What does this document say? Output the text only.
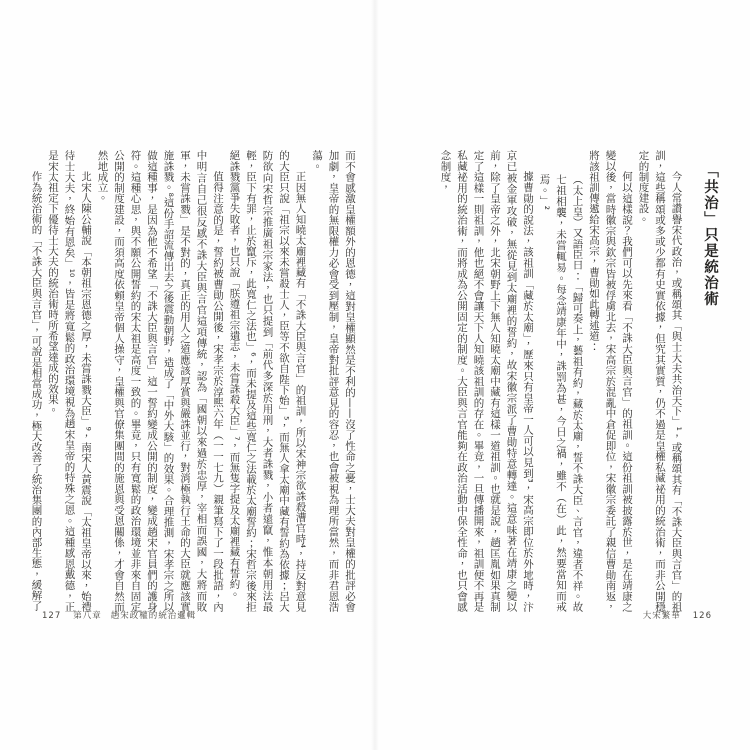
「共治」只是統治術

今人常讚譽宋代政治，或稱頌其「與士大夫共治天下」¹，或稱頌其有「不誅大臣與言官」的祖訓，這些稱頌或多或少都有史實依據，但究其實質，仍不過是皇權私藏祕用的統治術，而非公開穩定的制度建設。

何以這樣說？我們可以先來看「不誅大臣與言官」的祖訓。這份祖訓被披露於世，是在靖康之變以後，當時徽宗與欽宗皆被俘虜北去，宋高宗於混亂中倉促即位，宋徽宗委託了親信曹勛南返，將該祖訓傳遞給宋高宗，曹勛如此轉述道：

（太上皇）又語臣曰：「歸可奏上，藝祖有約，藏於太廟，誓不誅大臣、言官，違者不祥。故七祖相襲，未嘗輒易。每念靖康年中，誅罰為甚，今日之禍，雖不（在）此，然要當知而戒焉。」²

據曹勛的說法，該祖訓「藏於太廟」，歷來只有皇帝一人可以見到³，宋高宗即位於外地時，汴京已被金軍攻破，無從見到太廟裡的誓約，故宋徽宗派了曹勛特意轉達。這意味著在靖康之變以前，除了皇帝之外，北宋朝野上下無人知曉太廟中藏有這樣一道祖訓。也就是說，趙匡胤如果真制定了這樣一則祖訓，他也絕不會讓天下人知曉該祖訓的存在。畢竟，一旦傳播開來，祖訓便不再是私藏祕用的統治術，而將成為公開固定的制度。大臣與言官能夠在政治活動中保全性命，也只會感念制度，

而不會感激皇權額外的恩德，這對皇權顯然是不利的——沒了性命之憂，士大夫對皇權的批評必會加劇，皇帝的無限權力必會受到壓制，皇帝對批評意見的容忍，也會被視為理所當然，而非君恩浩蕩。

正因無人知曉太廟裡藏有「不誅大臣與言官」的祖訓，所以宋神宗欲誅殺漕官時⁴，持反對意見的大臣只說「祖宗以來未嘗殺士人，臣等不欲自陛下始」⁵，而無人拿太廟中藏有誓約為依據；呂大防欲向宋哲宗推廣祖宗家法，也只提到「前代多深於用刑，大者誅戮，小者遠竄，惟本朝用法最輕，臣下有罪，止於竄斥，此寬仁之法也」⁶，而未提及這些寬仁之法載於太廟誓約；宋哲宗後來拒絕誅戮黨爭失敗者，也只說「朕遵祖宗遺志，未嘗誅殺大臣」⁷，而無隻字提及太廟裡藏有誓約。

值得注意的是，誓約被曹勛公開後，宋孝宗於淳熙六年（一一七九）親筆寫下了一段批語，內中明言自己很反感不誅大臣與言官這項傳統，認為「國朝以來過於忠厚，宰相而誤國，大將而敗軍，未嘗誅戮」是不對的，真正的用人之道應該厚賞與嚴誅並行，對消極執行王命的大臣就應該實施誅戮。⁸這份手詔流傳出去之後震動朝野，造成了「中外大駭」的效果。合理推測，宋孝宗之所以做這種事，是因為他不希望「不誅大臣與言官」這一誓約變成公開的制度，變成趙宋官員們的護身符。這種心思，與不願公開誓約的宋太祖是高度一致的。畢竟，只有寬鬆的政治環境並非來自固定公開的制度建設，而須高度依賴皇帝個人操守，皇權與官僚集團間的施恩與受恩關係，才會自然而然地成立。

北宋人陳公輔說「本朝祖宗恩德之厚，未嘗誅戮大臣」⁹，南宋人黃震說「太祖皇帝以來，始禮待士大夫，終始有恩矣」¹⁰，皆是將寬鬆的政治環境視為趙宋皇帝的特殊之恩。這種感恩戴德，正是宋太祖定下優待士大夫的統治術時所希望達成的效果。

作為統治術的「不誅大臣與言官」，可說是相當成功，極大改善了統治集團的內部生態，緩解了

大宋繁華 126
127 第八章 趙宋政權的統治邏輯
